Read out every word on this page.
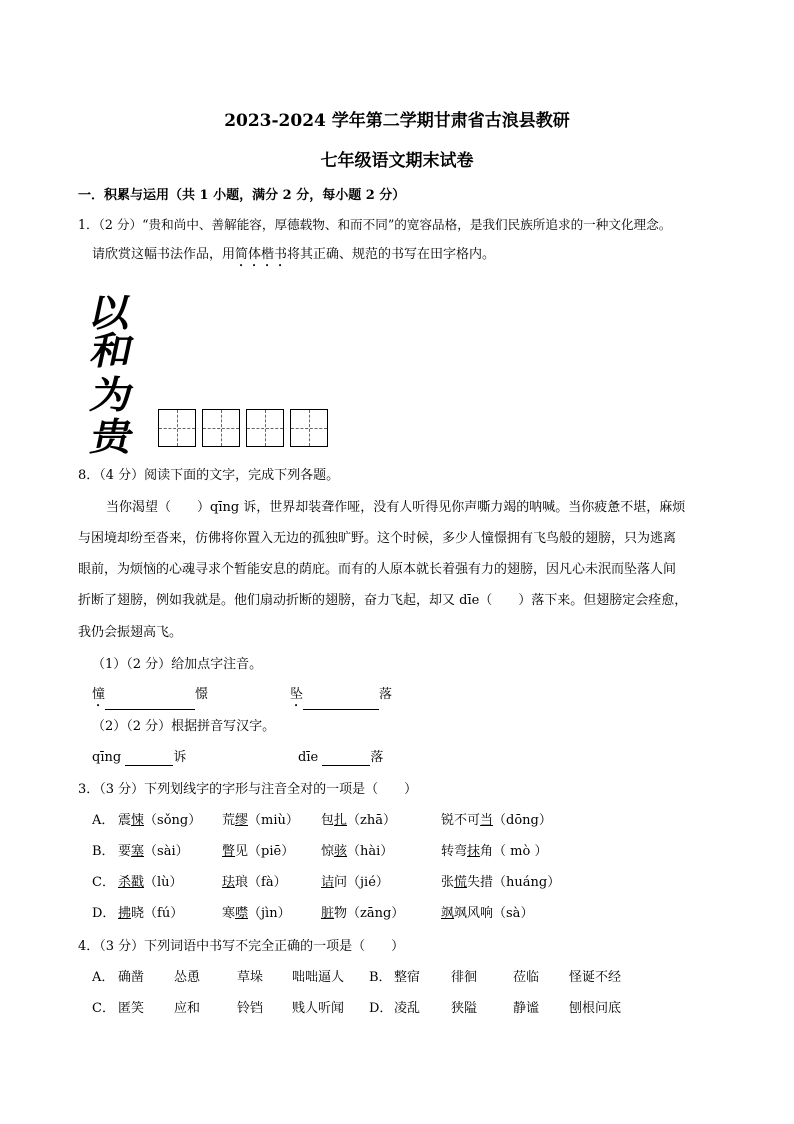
2023-2024 学年第二学期甘肃省古浪县教研
七年级语文期末试卷
一．积累与运用（共 1 小题，满分 2 分，每小题 2 分）
1．（2 分）“贵和尚中、善解能容，厚德载物、和而不同”的宽容品格，是我们民族所追求的一种文化理念。
请欣赏这幅书法作品，用简体楷书将其正确、规范的书写在田字格内。
以
和
为
贵
8．（4 分）阅读下面的文字，完成下列各题。
当你渴望（　　）qīng 诉，世界却装聋作哑，没有人听得见你声嘶力竭的呐喊。当你疲惫不堪，麻烦
与困境却纷至沓来，仿佛将你置入无边的孤独旷野。这个时候，多少人憧憬拥有飞鸟般的翅膀，只为逃离
眼前，为烦恼的心魂寻求个暂能安息的荫庇。而有的人原本就长着强有力的翅膀，因凡心未泯而坠落人间
折断了翅膀，例如我就是。他们扇动折断的翅膀，奋力飞起，却又 dīe（　　）落下来。但翅膀定会痊愈，
我仍会振翅高飞。
（1）（2 分）给加点字注音。
憧	憬	坠	落
（2）（2 分）根据拼音写汉字。
qīng	诉	dīe	落
3．（3 分）下列划线字的字形与注音全对的一项是（　　）
A． 震悚（sǒng） 荒缪（miù） 包扎（zhā）	锐不可当（dōng）
B． 要塞（sài）	瞥见（piē） 惊骇（hài）	转弯抹角（ mò ）
C． 杀戳（lù）	珐琅（fà）	诘问（jié）	张慌失措（huáng）
D． 拂晓（fú）	寒噤（jìn） 脏物（zāng）	飒飒风响（sà）
4．（3 分）下列词语中书写不完全正确的一项是（　　）
A． 确凿 怂恿	草垛 咄咄逼人 B． 整宿 徘徊	莅临 怪诞不经
C． 匿笑 应和	铃铛 贱人听闻 D． 凌乱 狭隘	静谧 刨根问底
